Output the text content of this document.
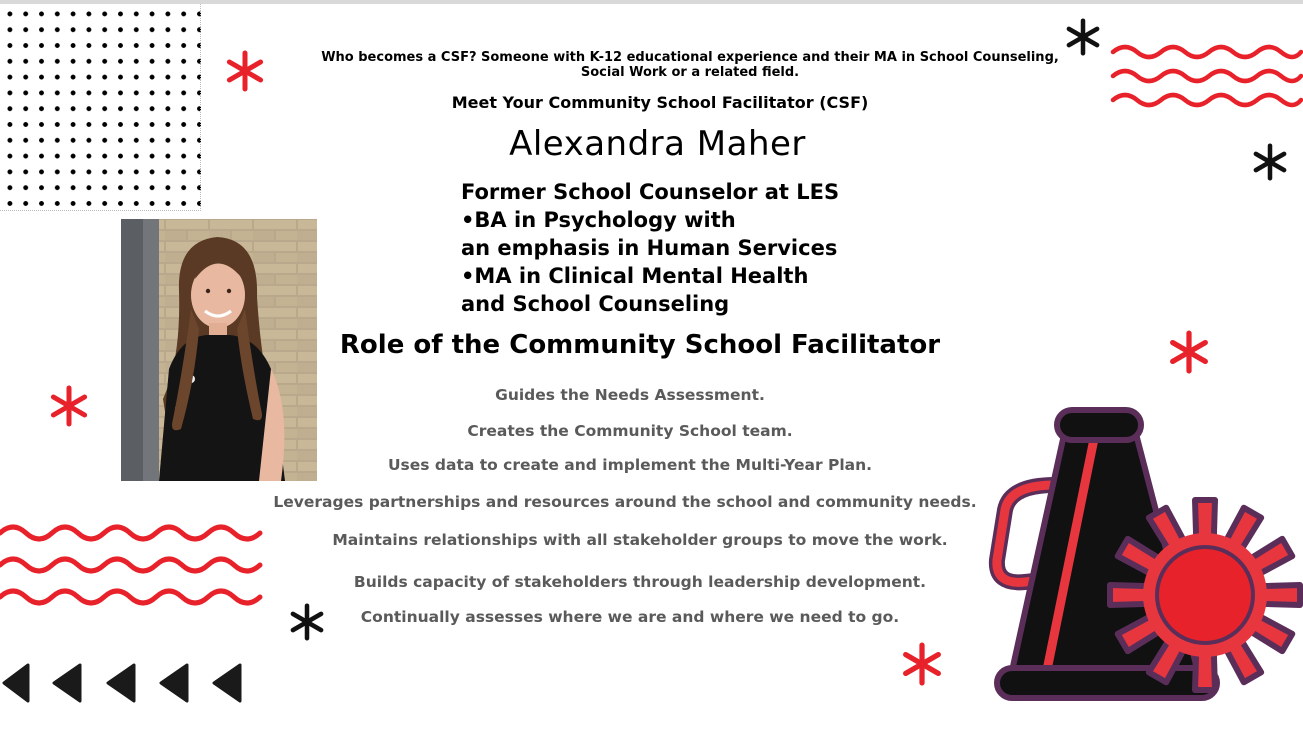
Who becomes a CSF? Someone with K-12 educational experience and their MA in School Counseling,
Social Work or a related field.
Meet Your Community School Facilitator (CSF)
Alexandra Maher
Former School Counselor at LES
•BA in Psychology with
an emphasis in Human Services
•MA in Clinical Mental Health
and School Counseling
Role of the Community School Facilitator
Guides the Needs Assessment.
Creates the Community School team.
Uses data to create and implement the Multi-Year Plan.
Leverages partnerships and resources around the school and community needs.
Maintains relationships with all stakeholder groups to move the work.
Builds capacity of stakeholders through leadership development.
Continually assesses where we are and where we need to go.
